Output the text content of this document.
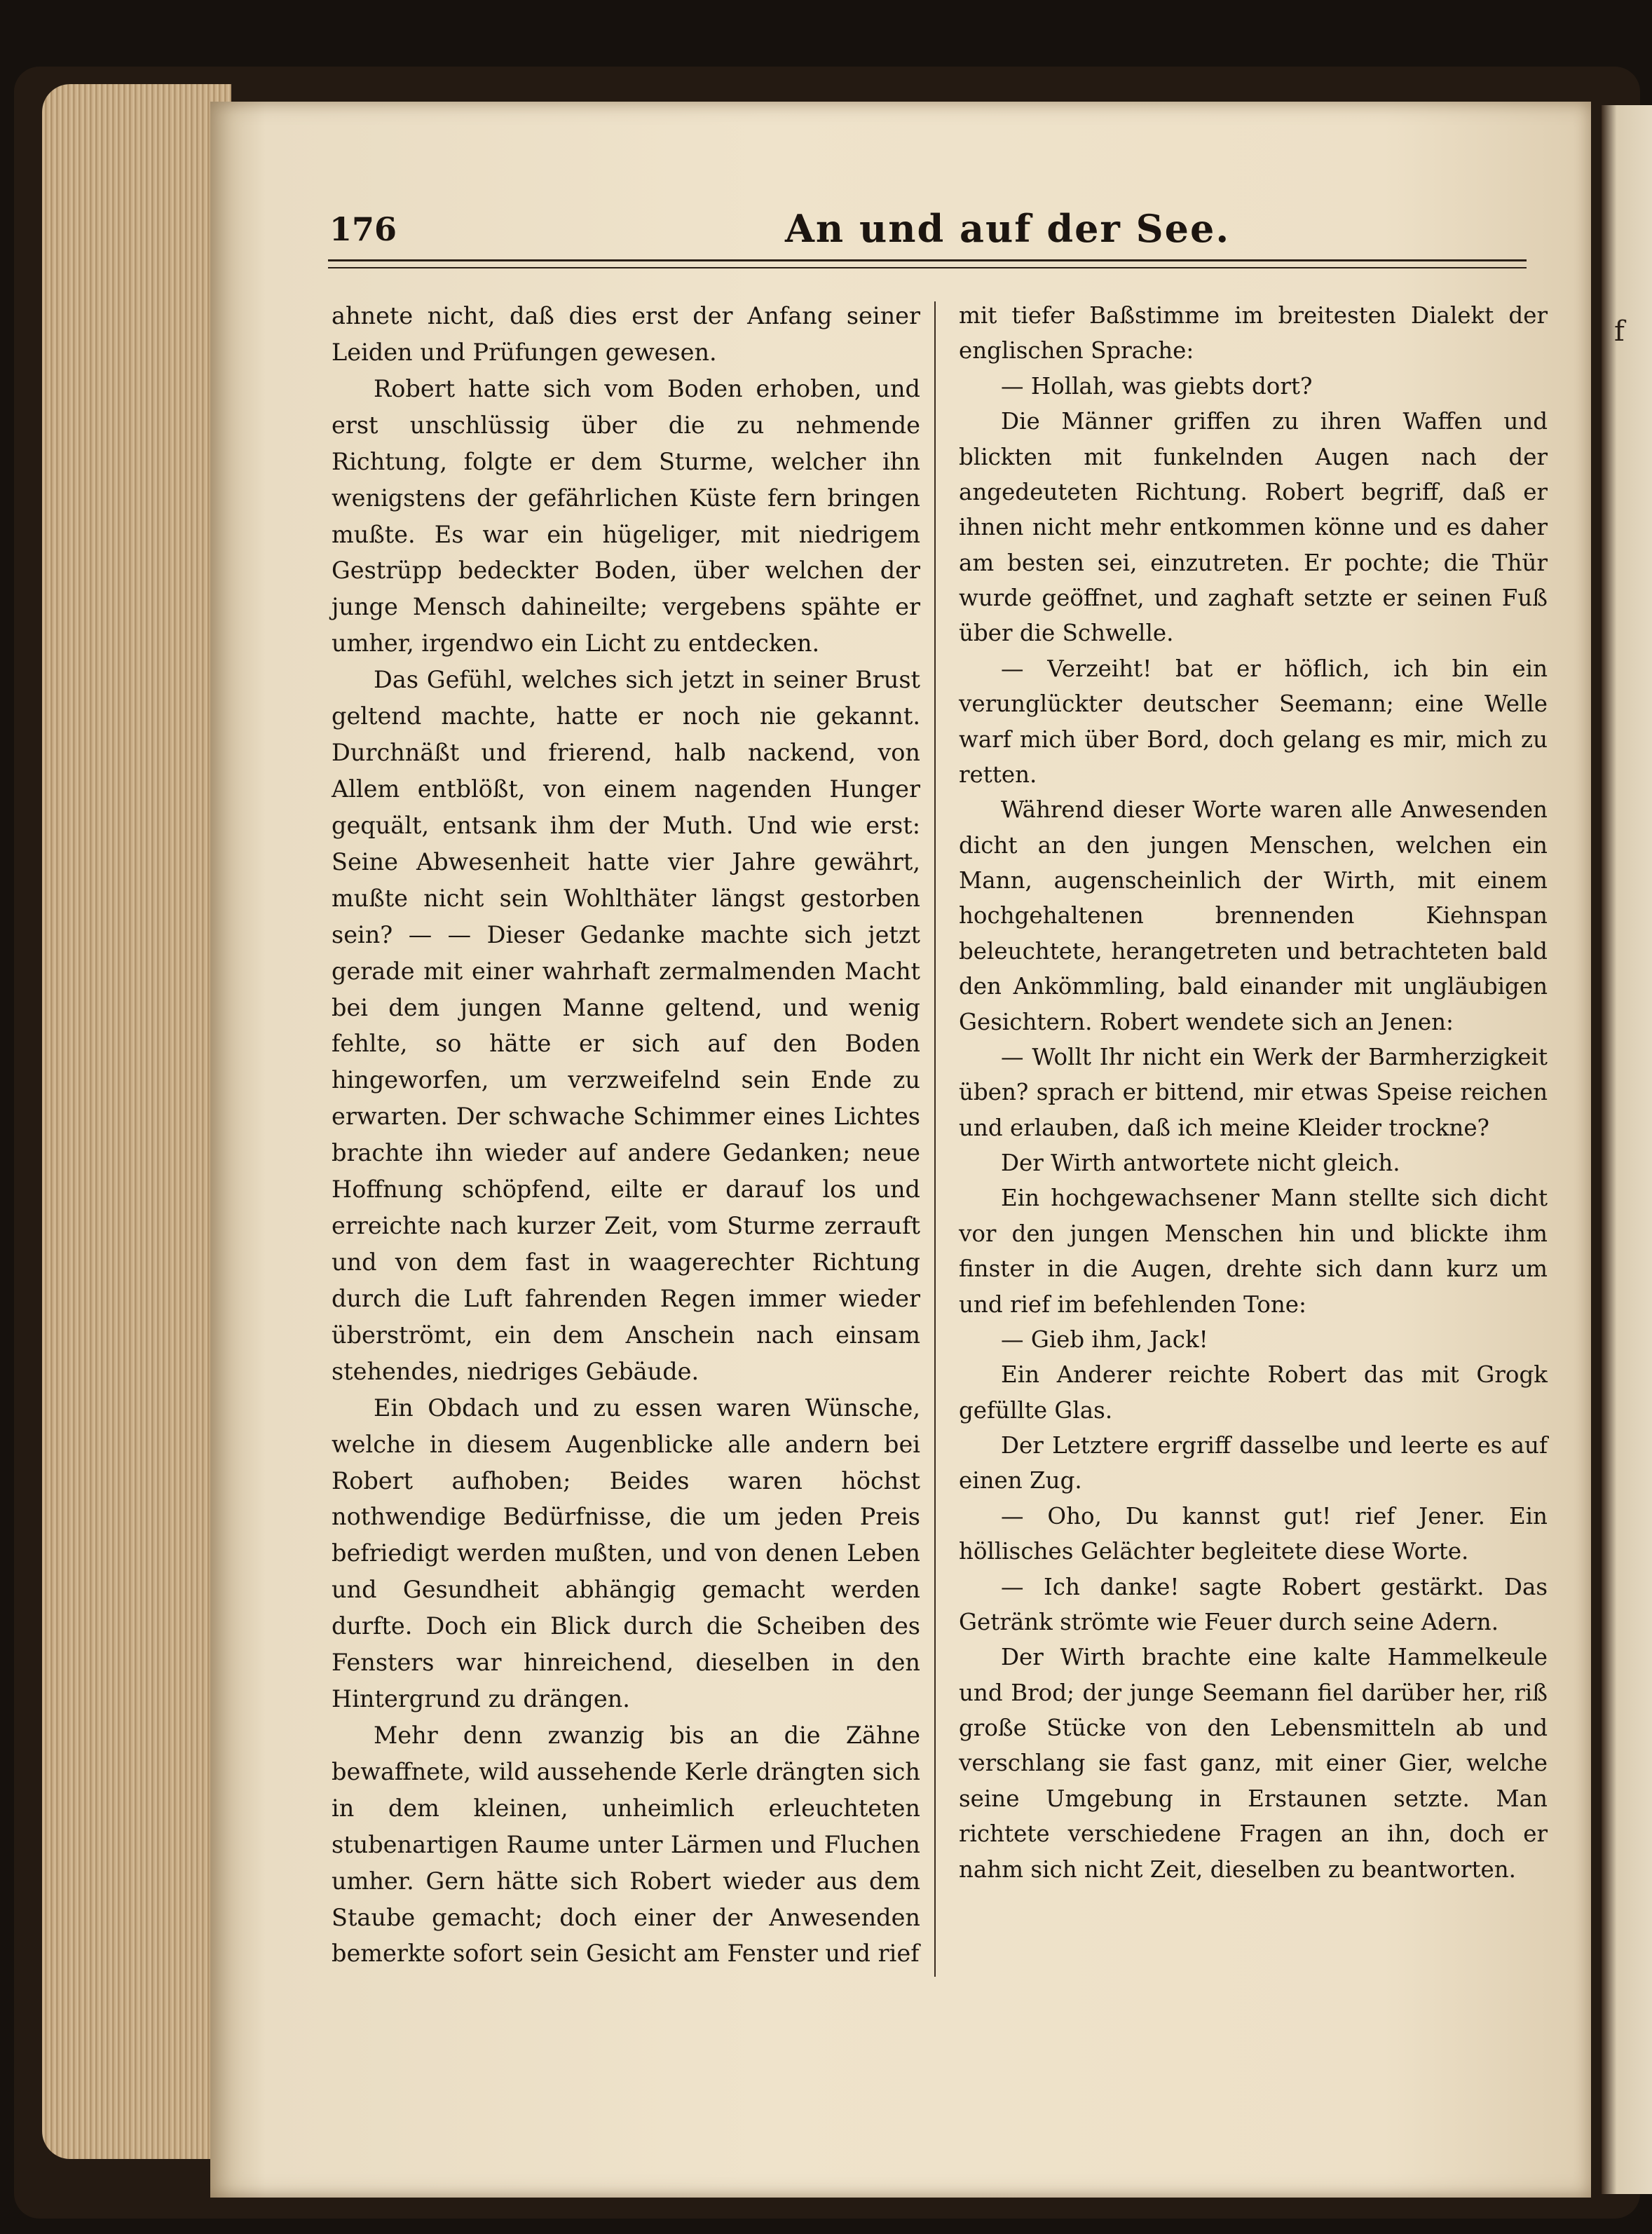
f
176	An und auf der See.

ahnete nicht, daß dies erst der Anfang seiner Leiden und Prüfungen gewesen.

Robert hatte sich vom Boden erhoben, und erst unschlüssig über die zu nehmende Richtung, folgte er dem Sturme, welcher ihn wenigstens der gefährlichen Küste fern bringen mußte. Es war ein hügeliger, mit niedrigem Gestrüpp bedeckter Boden, über welchen der junge Mensch dahineilte; vergebens spähte er umher, irgendwo ein Licht zu entdecken.

Das Gefühl, welches sich jetzt in seiner Brust geltend machte, hatte er noch nie gekannt. Durchnäßt und frierend, halb nackend, von Allem entblößt, von einem nagenden Hunger gequält, entsank ihm der Muth. Und wie erst: Seine Abwesenheit hatte vier Jahre gewährt, mußte nicht sein Wohlthäter längst gestorben sein? — — Dieser Gedanke machte sich jetzt gerade mit einer wahrhaft zermalmenden Macht bei dem jungen Manne geltend, und wenig fehlte, so hätte er sich auf den Boden hingeworfen, um verzweifelnd sein Ende zu erwarten. Der schwache Schimmer eines Lichtes brachte ihn wieder auf andere Gedanken; neue Hoffnung schöpfend, eilte er darauf los und erreichte nach kurzer Zeit, vom Sturme zerrauft und von dem fast in waagerechter Richtung durch die Luft fahrenden Regen immer wieder überströmt, ein dem Anschein nach einsam stehendes, niedriges Gebäude.

Ein Obdach und zu essen waren Wünsche, welche in diesem Augenblicke alle andern bei Robert aufhoben; Beides waren höchst nothwendige Bedürfnisse, die um jeden Preis befriedigt werden mußten, und von denen Leben und Gesundheit abhängig gemacht werden durfte. Doch ein Blick durch die Scheiben des Fensters war hinreichend, dieselben in den Hintergrund zu drängen.

Mehr denn zwanzig bis an die Zähne bewaffnete, wild aussehende Kerle drängten sich in dem kleinen, unheimlich erleuchteten stubenartigen Raume unter Lärmen und Fluchen umher. Gern hätte sich Robert wieder aus dem Staube gemacht; doch einer der Anwesenden bemerkte sofort sein Gesicht am Fenster und rief

mit tiefer Baßstimme im breitesten Dialekt der englischen Sprache:

— Hollah, was giebts dort?

Die Männer griffen zu ihren Waffen und blickten mit funkelnden Augen nach der angedeuteten Richtung. Robert begriff, daß er ihnen nicht mehr entkommen könne und es daher am besten sei, einzutreten. Er pochte; die Thür wurde geöffnet, und zaghaft setzte er seinen Fuß über die Schwelle.

— Verzeiht! bat er höflich, ich bin ein verunglückter deutscher Seemann; eine Welle warf mich über Bord, doch gelang es mir, mich zu retten.

Während dieser Worte waren alle Anwesenden dicht an den jungen Menschen, welchen ein Mann, augenscheinlich der Wirth, mit einem hochgehaltenen brennenden Kiehnspan beleuchtete, herangetreten und betrachteten bald den Ankömmling, bald einander mit ungläubigen Gesichtern. Robert wendete sich an Jenen:

— Wollt Ihr nicht ein Werk der Barmherzigkeit üben? sprach er bittend, mir etwas Speise reichen und erlauben, daß ich meine Kleider trockne?

Der Wirth antwortete nicht gleich.

Ein hochgewachsener Mann stellte sich dicht vor den jungen Menschen hin und blickte ihm finster in die Augen, drehte sich dann kurz um und rief im befehlenden Tone:

— Gieb ihm, Jack!

Ein Anderer reichte Robert das mit Grogk gefüllte Glas.

Der Letztere ergriff dasselbe und leerte es auf einen Zug.

— Oho, Du kannst gut! rief Jener. Ein höllisches Gelächter begleitete diese Worte.

— Ich danke! sagte Robert gestärkt. Das Getränk strömte wie Feuer durch seine Adern.

Der Wirth brachte eine kalte Hammelkeule und Brod; der junge Seemann fiel darüber her, riß große Stücke von den Lebensmitteln ab und verschlang sie fast ganz, mit einer Gier, welche seine Umgebung in Erstaunen setzte. Man richtete verschiedene Fragen an ihn, doch er nahm sich nicht Zeit, dieselben zu beantworten.
